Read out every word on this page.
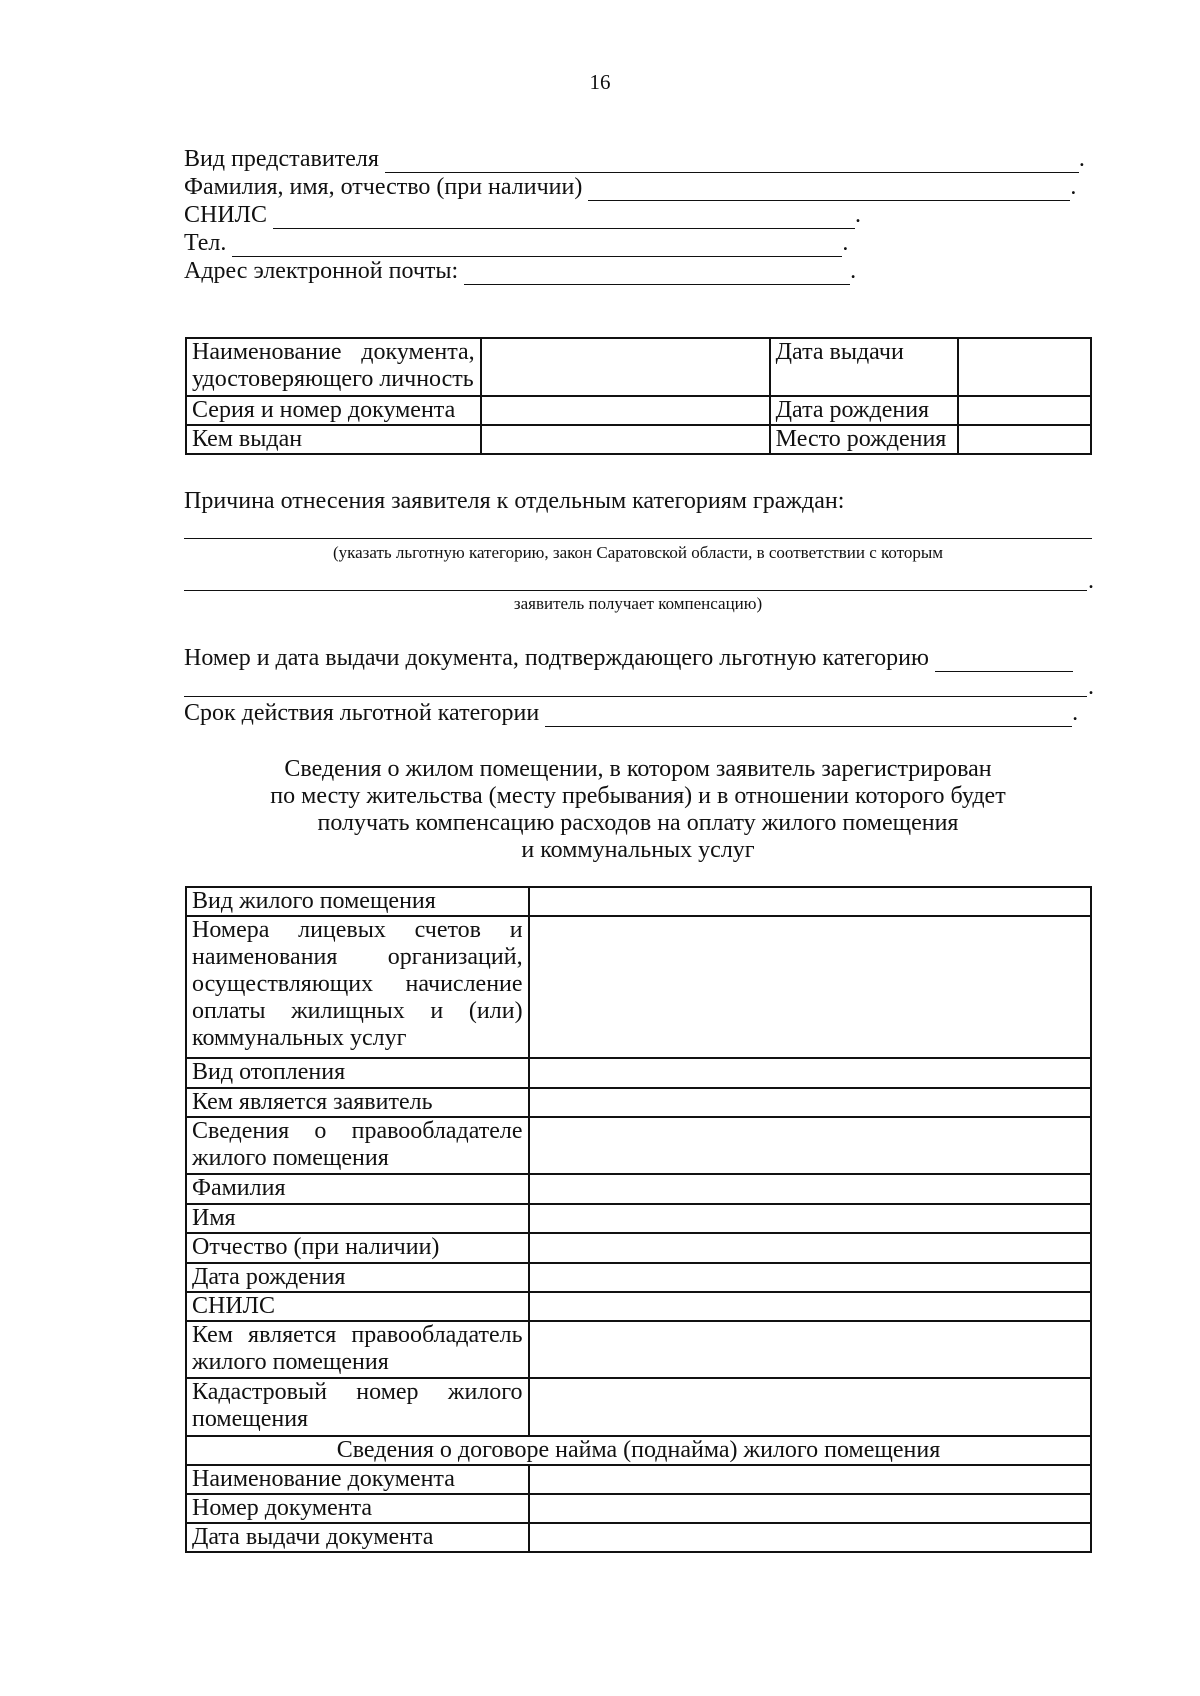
16
Вид представителя	.
Фамилия, имя, отчество (при наличии)	.
СНИЛС	.
Тел.	.
Адрес электронной почты:	.
Наименование документа, удостоверяющего личность		Дата выдачи	
Серия и номер документа		Дата рождения	
Кем выдан		Место рождения	
Причина отнесения заявителя к отдельным категориям граждан:
(указать льготную категорию, закон Саратовской области, в соответствии с которым
.
заявитель получает компенсацию)
Номер и дата выдачи документа, подтверждающего льготную категорию
.
Срок действия льготной категории	.
Сведения о жилом помещении, в котором заявитель зарегистрирован
по месту жительства (месту пребывания) и в отношении которого будет
получать компенсацию расходов на оплату жилого помещения
и коммунальных услуг
Вид жилого помещения	
Номера лицевых счетов и наименования организаций, осуществляющих начисление оплаты жилищных и (или) коммунальных услуг	
Вид отопления	
Кем является заявитель	
Сведения о правообладателе жилого помещения	
Фамилия	
Имя	
Отчество (при наличии)	
Дата рождения	
СНИЛС	
Кем является правообладатель жилого помещения	
Кадастровый номер жилого помещения	
Сведения о договоре найма (поднайма) жилого помещения	
Наименование документа	
Номер документа	
Дата выдачи документа	
